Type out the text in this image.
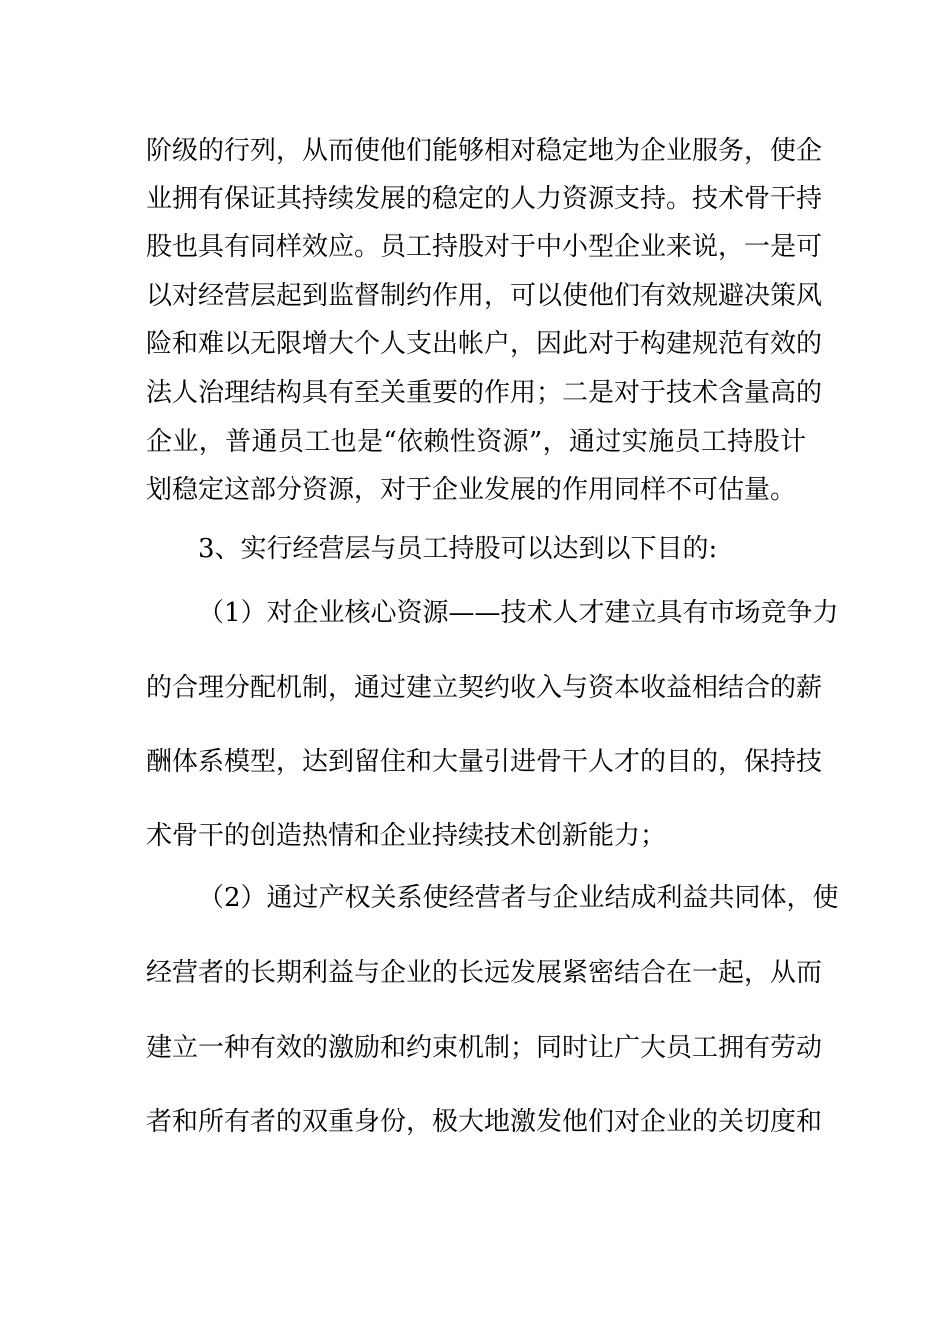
阶级的行列，从而使他们能够相对稳定地为企业服务，使企
业拥有保证其持续发展的稳定的人力资源支持。技术骨干持
股也具有同样效应。员工持股对于中小型企业来说，一是可
以对经营层起到监督制约作用，可以使他们有效规避决策风
险和难以无限增大个人支出帐户，因此对于构建规范有效的
法人治理结构具有至关重要的作用；二是对于技术含量高的
企业，普通员工也是“依赖性资源”，通过实施员工持股计
划稳定这部分资源，对于企业发展的作用同样不可估量。
3、实行经营层与员工持股可以达到以下目的:
（1）对企业核心资源——技术人才建立具有市场竞争力
的合理分配机制，通过建立契约收入与资本收益相结合的薪
酬体系模型，达到留住和大量引进骨干人才的目的，保持技
术骨干的创造热情和企业持续技术创新能力；
（2）通过产权关系使经营者与企业结成利益共同体，使
经营者的长期利益与企业的长远发展紧密结合在一起，从而
建立一种有效的激励和约束机制；同时让广大员工拥有劳动
者和所有者的双重身份，极大地激发他们对企业的关切度和
